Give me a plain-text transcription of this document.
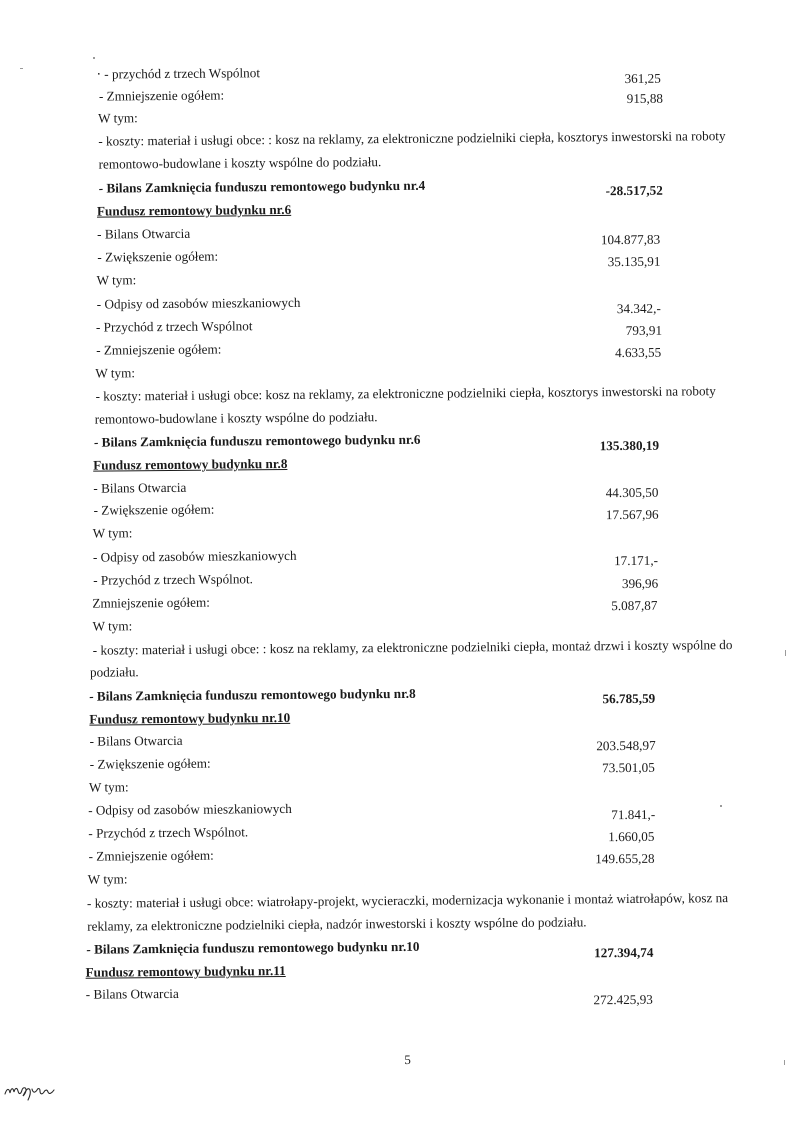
‧ - przychód z trzech Wspólnot	361,25
- Zmniejszenie ogółem:	915,88
W tym:
- koszty: materiał i usługi obce: : kosz na reklamy, za elektroniczne podzielniki ciepła, kosztorys inwestorski na roboty
remontowo-budowlane i koszty wspólne do podziału.
- Bilans Zamknięcia funduszu remontowego budynku nr.4	-28.517,52
Fundusz remontowy budynku nr.6
- Bilans Otwarcia	104.877,83
- Zwiększenie ogółem:	35.135,91
W tym:
- Odpisy od zasobów mieszkaniowych	34.342,-
- Przychód z trzech Wspólnot	793,91
- Zmniejszenie ogółem:	4.633,55
W tym:
- koszty: materiał i usługi obce: kosz na reklamy, za elektroniczne podzielniki ciepła, kosztorys inwestorski na roboty
remontowo-budowlane i koszty wspólne do podziału.
- Bilans Zamknięcia funduszu remontowego budynku nr.6	135.380,19
Fundusz remontowy budynku nr.8
- Bilans Otwarcia	44.305,50
- Zwiększenie ogółem:	17.567,96
W tym:
- Odpisy od zasobów mieszkaniowych	17.171,-
- Przychód z trzech Wspólnot.	396,96
Zmniejszenie ogółem:	5.087,87
W tym:
- koszty: materiał i usługi obce: : kosz na reklamy, za elektroniczne podzielniki ciepła, montaż drzwi i koszty wspólne do
podziału.
- Bilans Zamknięcia funduszu remontowego budynku nr.8	56.785,59
Fundusz remontowy budynku nr.10
- Bilans Otwarcia	203.548,97
- Zwiększenie ogółem:	73.501,05
W tym:
- Odpisy od zasobów mieszkaniowych	71.841,-
- Przychód z trzech Wspólnot.	1.660,05
- Zmniejszenie ogółem:	149.655,28
W tym:
- koszty: materiał i usługi obce: wiatrołapy-projekt, wycieraczki, modernizacja wykonanie i montaż wiatrołapów, kosz na
reklamy, za elektroniczne podzielniki ciepła, nadzór inwestorski i koszty wspólne do podziału.
- Bilans Zamknięcia funduszu remontowego budynku nr.10	127.394,74
Fundusz remontowy budynku nr.11
- Bilans Otwarcia	272.425,93
5
